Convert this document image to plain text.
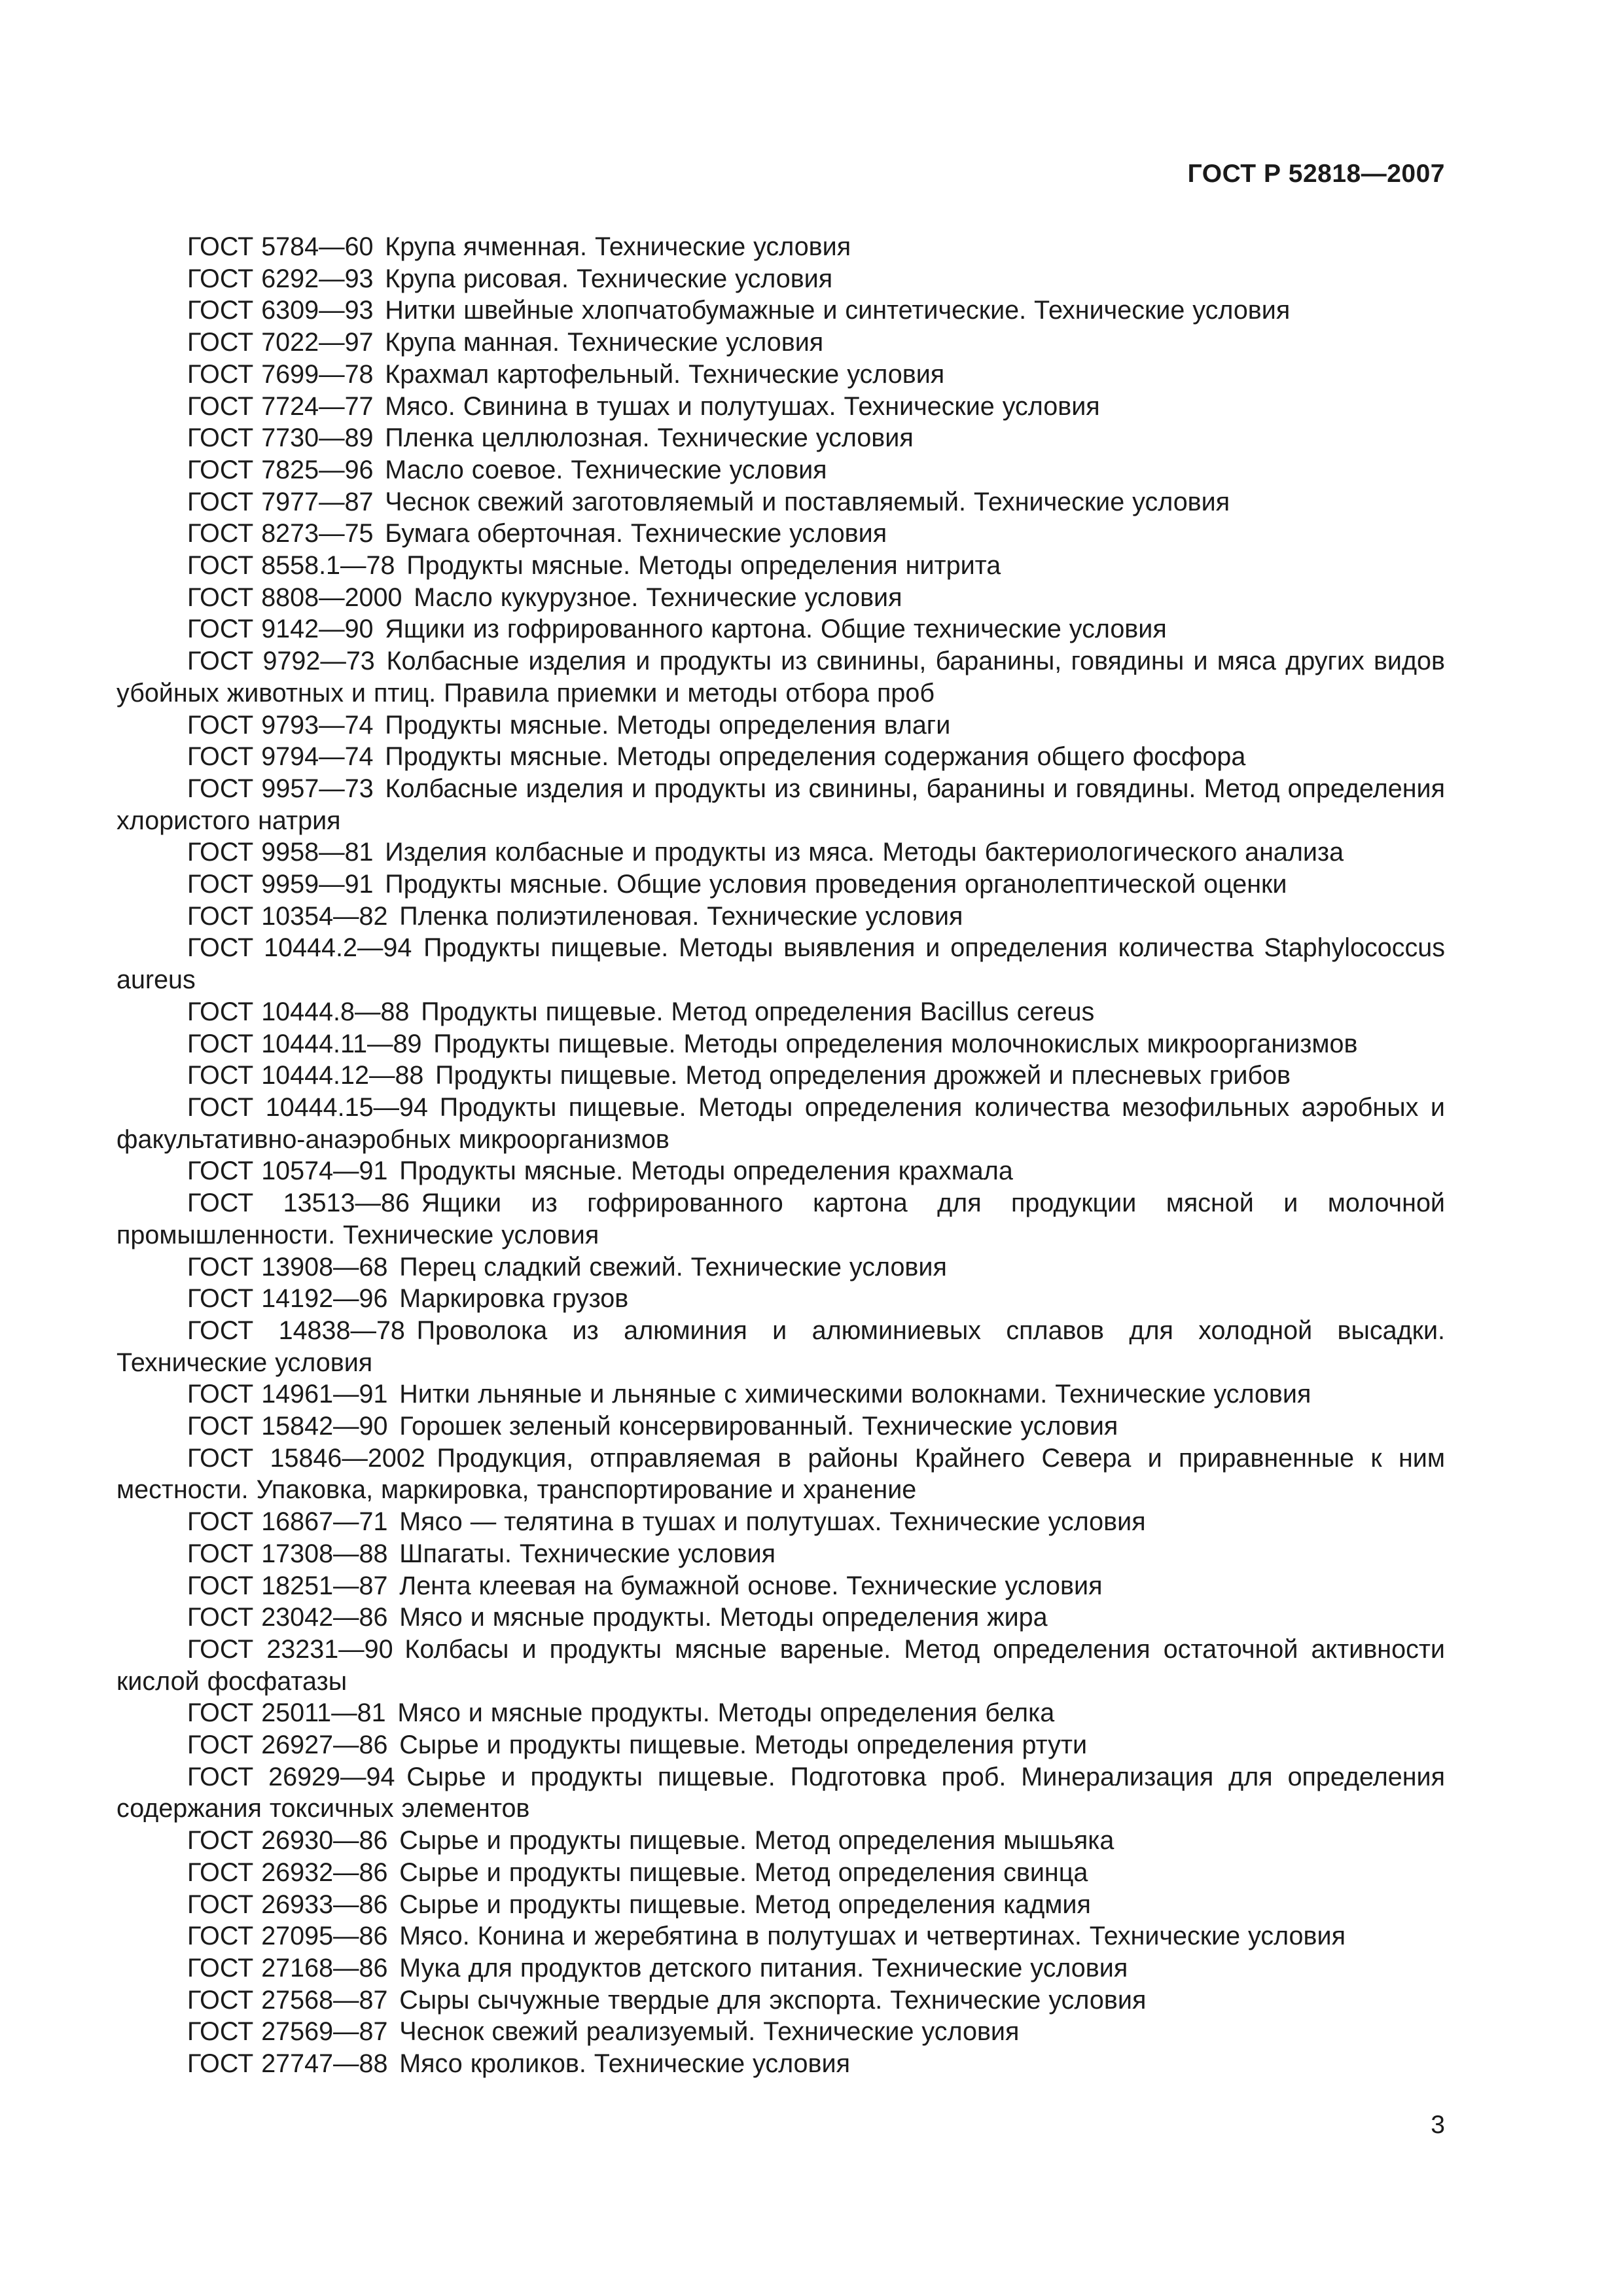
ГОСТ Р 52818—2007

ГОСТ 5784—60 Крупа ячменная. Технические условия

ГОСТ 6292—93 Крупа рисовая. Технические условия

ГОСТ 6309—93 Нитки швейные хлопчатобумажные и синтетические. Технические условия

ГОСТ 7022—97 Крупа манная. Технические условия

ГОСТ 7699—78 Крахмал картофельный. Технические условия

ГОСТ 7724—77 Мясо. Свинина в тушах и полутушах. Технические условия

ГОСТ 7730—89 Пленка целлюлозная. Технические условия

ГОСТ 7825—96 Масло соевое. Технические условия

ГОСТ 7977—87 Чеснок свежий заготовляемый и поставляемый. Технические условия

ГОСТ 8273—75 Бумага оберточная. Технические условия

ГОСТ 8558.1—78 Продукты мясные. Методы определения нитрита

ГОСТ 8808—2000 Масло кукурузное. Технические условия

ГОСТ 9142—90 Ящики из гофрированного картона. Общие технические условия

ГОСТ 9792—73 Колбасные изделия и продукты из свинины, баранины, говядины и мяса других видов убойных животных и птиц. Правила приемки и методы отбора проб

ГОСТ 9793—74 Продукты мясные. Методы определения влаги

ГОСТ 9794—74 Продукты мясные. Методы определения содержания общего фосфора

ГОСТ 9957—73 Колбасные изделия и продукты из свинины, баранины и говядины. Метод определения хлористого натрия

ГОСТ 9958—81 Изделия колбасные и продукты из мяса. Методы бактериологического анализа

ГОСТ 9959—91 Продукты мясные. Общие условия проведения органолептической оценки

ГОСТ 10354—82 Пленка полиэтиленовая. Технические условия

ГОСТ 10444.2—94 Продукты пищевые. Методы выявления и определения количества Staphylococcus aureus

ГОСТ 10444.8—88 Продукты пищевые. Метод определения Bacillus cereus

ГОСТ 10444.11—89 Продукты пищевые. Методы определения молочнокислых микроорганизмов

ГОСТ 10444.12—88 Продукты пищевые. Метод определения дрожжей и плесневых грибов

ГОСТ 10444.15—94 Продукты пищевые. Методы определения количества мезофильных аэробных и факультативно-анаэробных микроорганизмов

ГОСТ 10574—91 Продукты мясные. Методы определения крахмала

ГОСТ 13513—86 Ящики из гофрированного картона для продукции мясной и молочной промышленности. Технические условия

ГОСТ 13908—68 Перец сладкий свежий. Технические условия

ГОСТ 14192—96 Маркировка грузов

ГОСТ 14838—78 Проволока из алюминия и алюминиевых сплавов для холодной высадки. Технические условия

ГОСТ 14961—91 Нитки льняные и льняные с химическими волокнами. Технические условия

ГОСТ 15842—90 Горошек зеленый консервированный. Технические условия

ГОСТ 15846—2002 Продукция, отправляемая в районы Крайнего Севера и приравненные к ним местности. Упаковка, маркировка, транспортирование и хранение

ГОСТ 16867—71 Мясо — телятина в тушах и полутушах. Технические условия

ГОСТ 17308—88 Шпагаты. Технические условия

ГОСТ 18251—87 Лента клеевая на бумажной основе. Технические условия

ГОСТ 23042—86 Мясо и мясные продукты. Методы определения жира

ГОСТ 23231—90 Колбасы и продукты мясные вареные. Метод определения остаточной активности кислой фосфатазы

ГОСТ 25011—81 Мясо и мясные продукты. Методы определения белка

ГОСТ 26927—86 Сырье и продукты пищевые. Методы определения ртути

ГОСТ 26929—94 Сырье и продукты пищевые. Подготовка проб. Минерализация для определения содержания токсичных элементов

ГОСТ 26930—86 Сырье и продукты пищевые. Метод определения мышьяка

ГОСТ 26932—86 Сырье и продукты пищевые. Метод определения свинца

ГОСТ 26933—86 Сырье и продукты пищевые. Метод определения кадмия

ГОСТ 27095—86 Мясо. Конина и жеребятина в полутушах и четвертинах. Технические условия

ГОСТ 27168—86 Мука для продуктов детского питания. Технические условия

ГОСТ 27568—87 Сыры сычужные твердые для экспорта. Технические условия

ГОСТ 27569—87 Чеснок свежий реализуемый. Технические условия

ГОСТ 27747—88 Мясо кроликов. Технические условия

3
